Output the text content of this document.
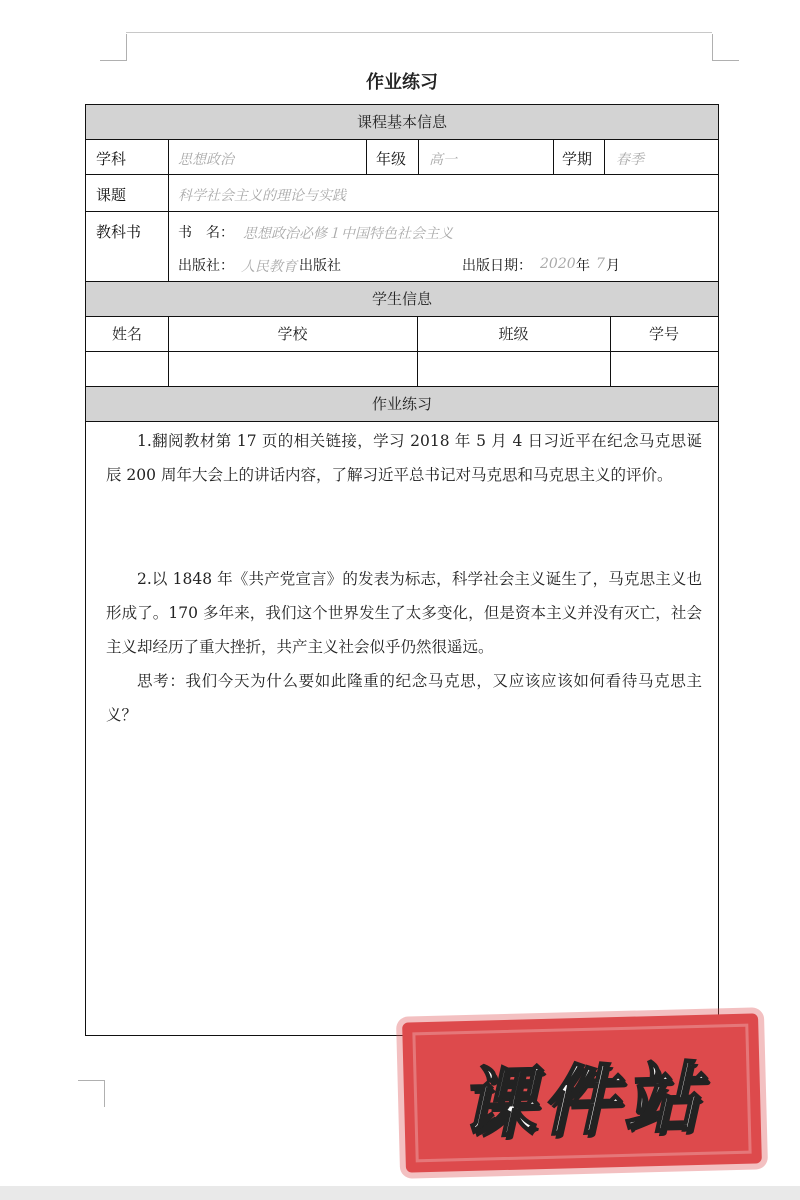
作业练习
课程基本信息
学科	思想政治	年级 高一	学期 春季
课题	科学社会主义的理论与实践
教科书	书　名： 思想政治必修１中国特色社会主义
出版社： 人民教育 出版社	出版日期： 2020 年 7 月
学生信息
姓名	学校	班级	学号
作业练习

1.翻阅教材第 17 页的相关链接，学习 2018 年 5 月 4 日习近平在纪念马克思诞辰 200 周年大会上的讲话内容，了解习近平总书记对马克思和马克思主义的评价。

2.以 1848 年《共产党宣言》的发表为标志，科学社会主义诞生了，马克思主义也形成了。170 多年来，我们这个世界发生了太多变化，但是资本主义并没有灭亡，社会主义却经历了重大挫折，共产主义社会似乎仍然很遥远。

思考：我们今天为什么要如此隆重的纪念马克思，又应该应该如何看待马克思主义？

课件站
